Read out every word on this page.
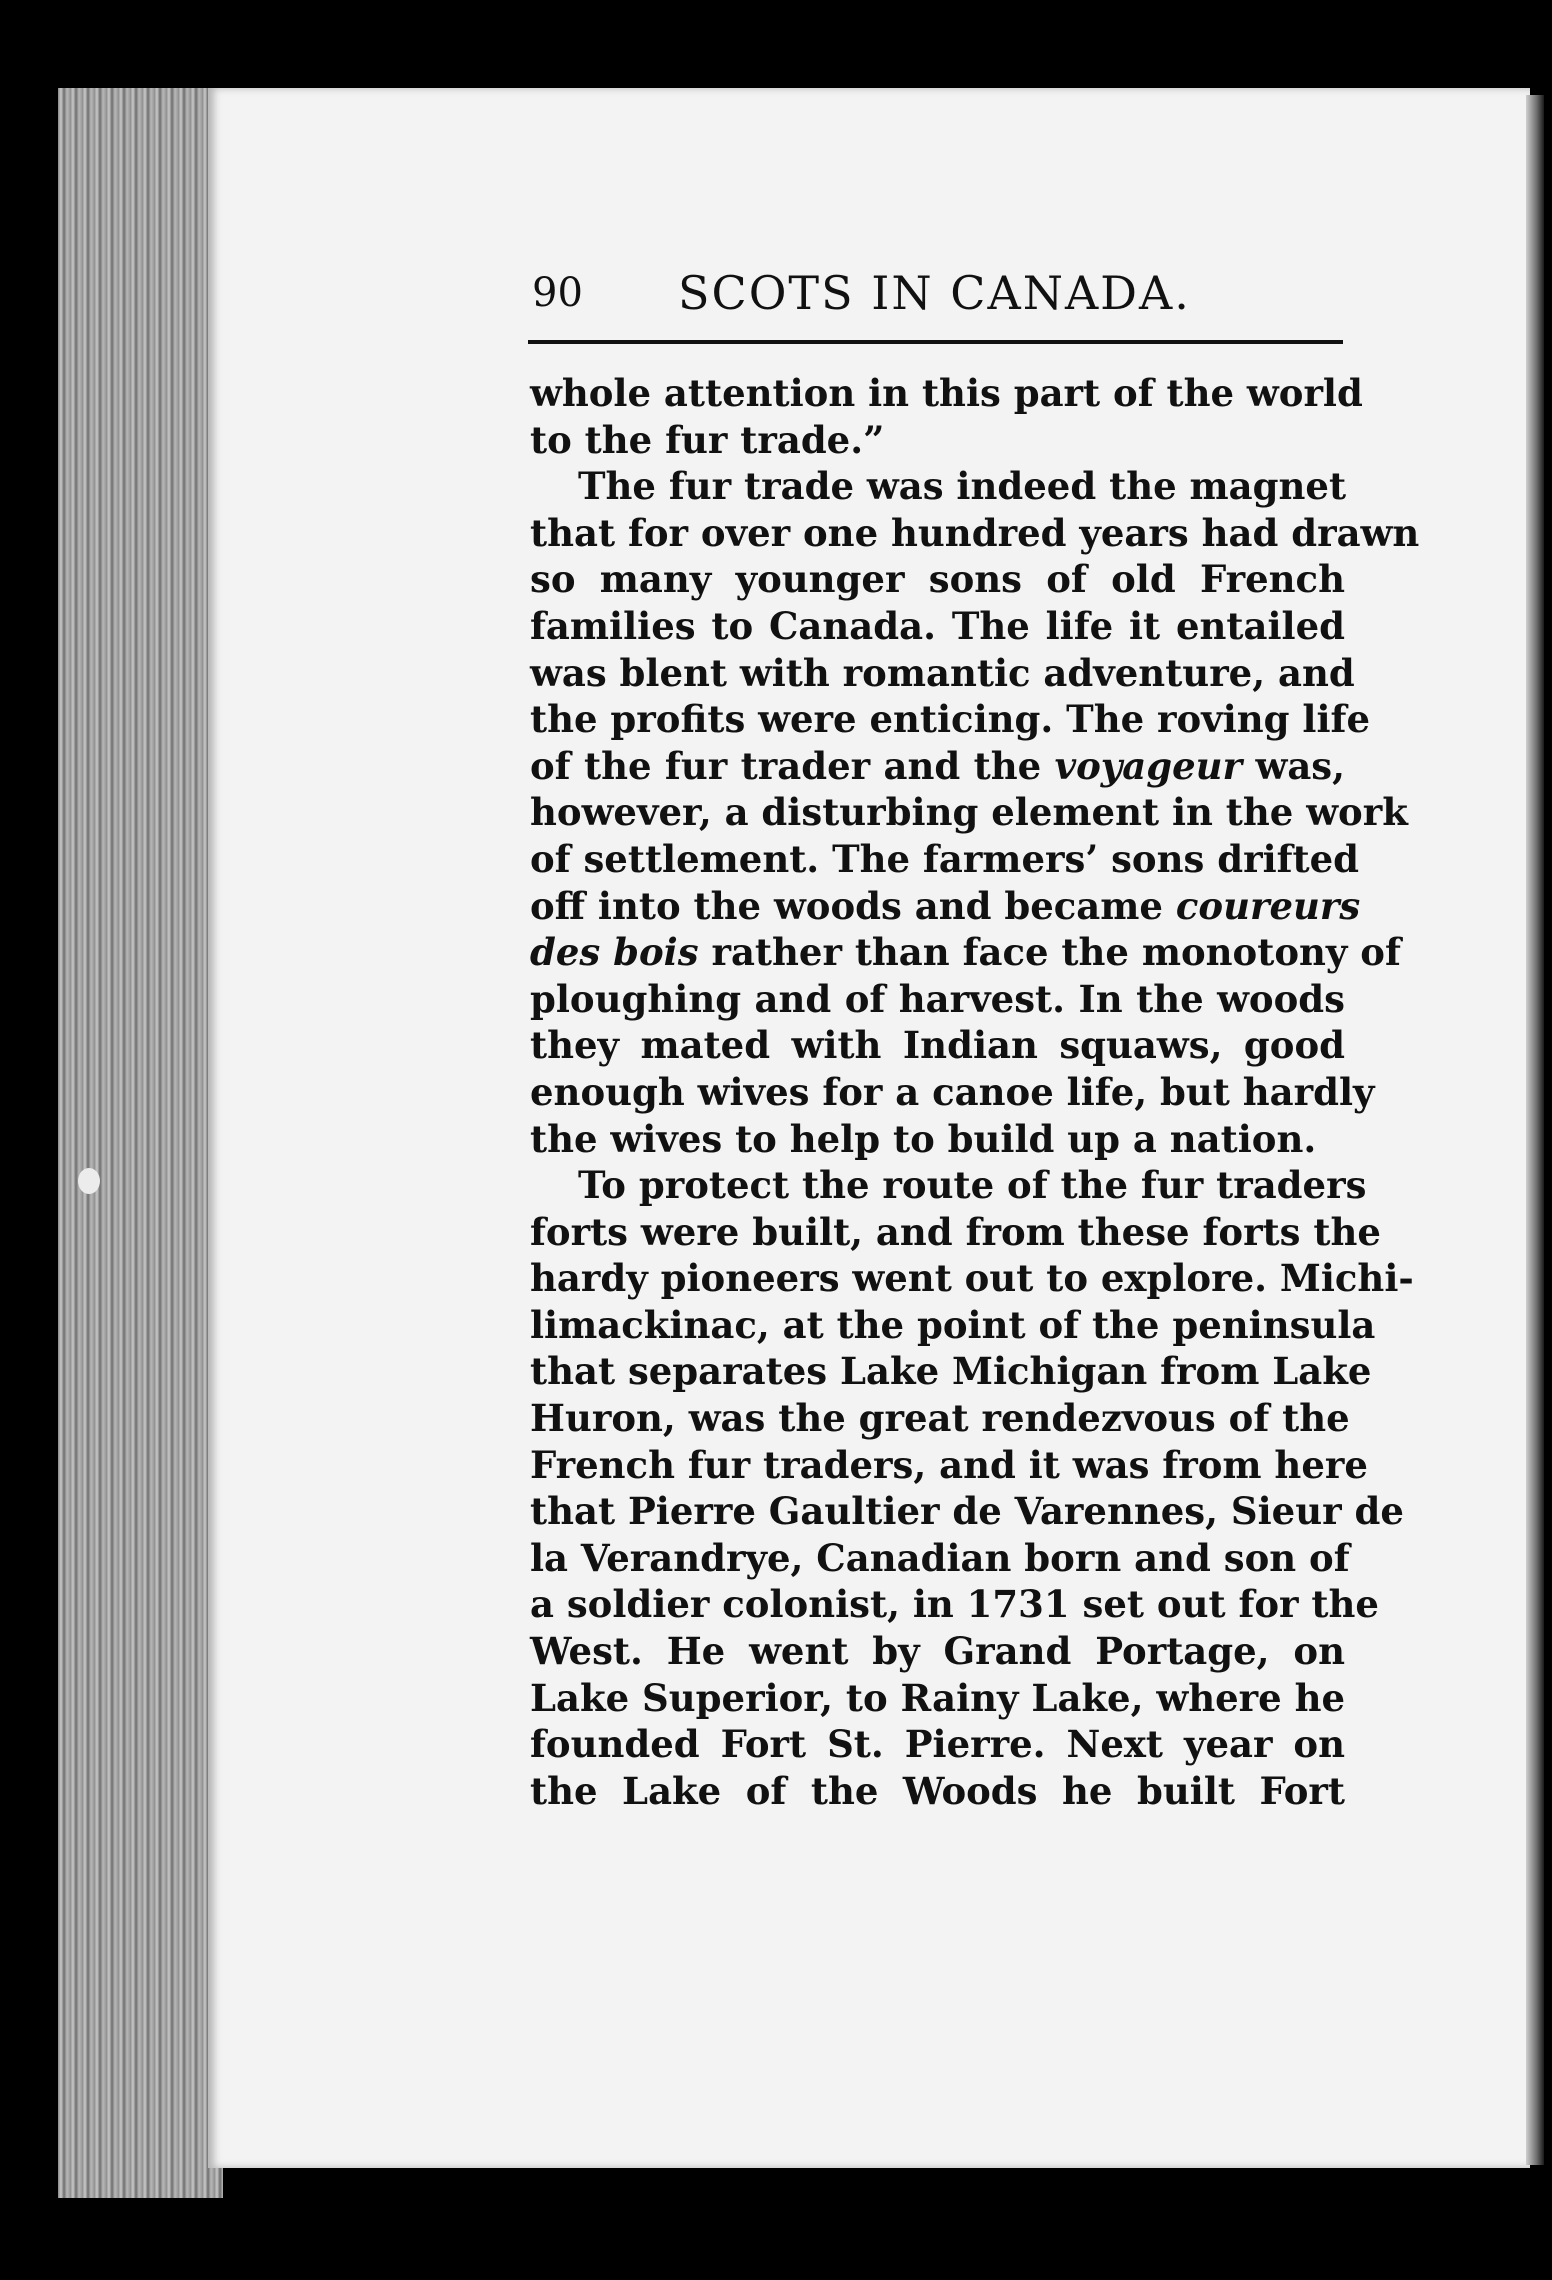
90 SCOTS IN CANADA.
whole attention in this part of the world
to the fur trade.”
The fur trade was indeed the magnet
that for over one hundred years had drawn
so many younger sons of old French
families to Canada. The life it entailed
was blent with romantic adventure, and
the profits were enticing. The roving life
of the fur trader and the voyageur was,
however, a disturbing element in the work
of settlement. The farmers’ sons drifted
off into the woods and became coureurs
des bois rather than face the monotony of
ploughing and of harvest. In the woods
they mated with Indian squaws, good
enough wives for a canoe life, but hardly
the wives to help to build up a nation.
To protect the route of the fur traders
forts were built, and from these forts the
hardy pioneers went out to explore. Michi-
limackinac, at the point of the peninsula
that separates Lake Michigan from Lake
Huron, was the great rendezvous of the
French fur traders, and it was from here
that Pierre Gaultier de Varennes, Sieur de
la Verandrye, Canadian born and son of
a soldier colonist, in 1731 set out for the
West. He went by Grand Portage, on
Lake Superior, to Rainy Lake, where he
founded Fort St. Pierre. Next year on
the Lake of the Woods he built Fort
